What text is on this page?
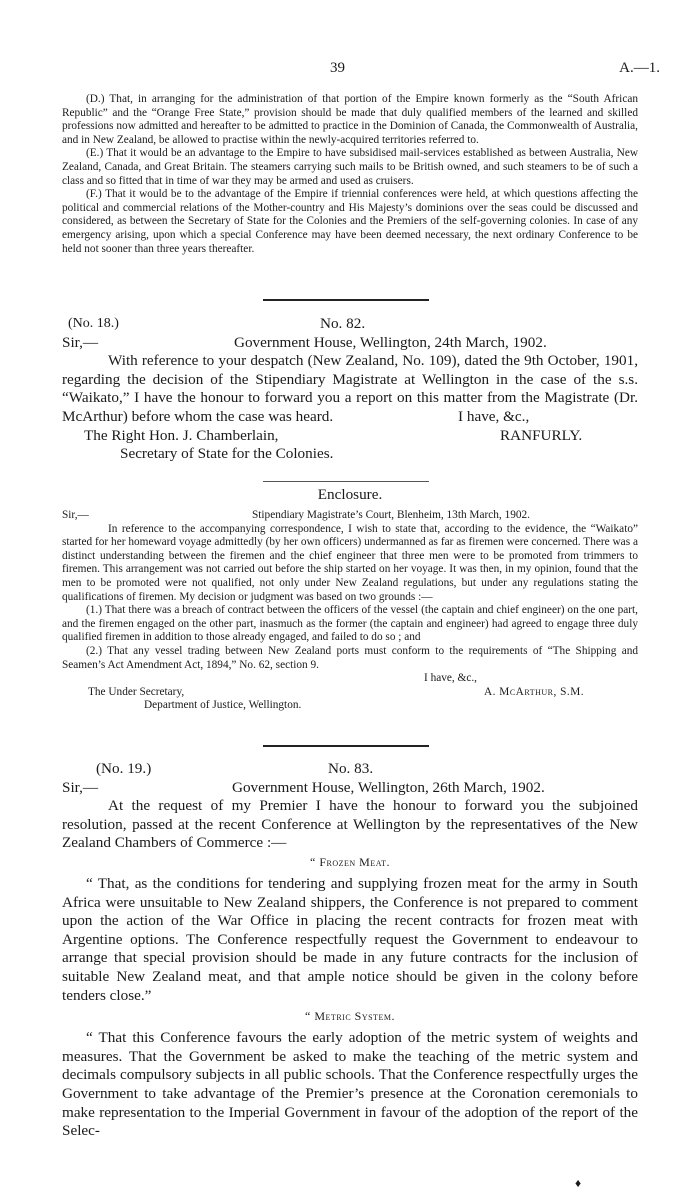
39	A.—1.

(D.) That, in arranging for the administration of that portion of the Empire known formerly as the “South African Republic” and the “Orange Free State,” provision should be made that duly qualified members of the learned and skilled professions now admitted and hereafter to be admitted to practice in the Dominion of Canada, the Commonwealth of Australia, and in New Zealand, be allowed to practise within the newly-acquired territories referred to.

(E.) That it would be an advantage to the Empire to have subsidised mail-services established as between Australia, New Zealand, Canada, and Great Britain. The steamers carrying such mails to be British owned, and such steamers to be of such a class and so fitted that in time of war they may be armed and used as cruisers.

(F.) That it would be to the advantage of the Empire if triennial conferences were held, at which questions affecting the political and commercial relations of the Mother-country and His Majesty’s dominions over the seas could be discussed and considered, as between the Secretary of State for the Colonies and the Premiers of the self-governing colonies. In case of any emergency arising, upon which a special Conference may have been deemed necessary, the next ordinary Conference to be held not sooner than three years thereafter.

(No. 18.)	No. 82.
Sir,—	Government House, Wellington, 24th March, 1902.

With reference to your despatch (New Zealand, No. 109), dated the 9th October, 1901, regarding the decision of the Stipendiary Magistrate at Wellington in the case of the s.s. “Waikato,” I have the honour to forward you a report on this matter from the Magistrate (Dr. McArthur) before whom the case was heard.	I have, &c.,
The Right Hon. J. Chamberlain,	RANFURLY.
Secretary of State for the Colonies.
Enclosure.
Sir,—	Stipendiary Magistrate’s Court, Blenheim, 13th March, 1902.

In reference to the accompanying correspondence, I wish to state that, according to the evidence, the “Waikato” started for her homeward voyage admittedly (by her own officers) undermanned as far as firemen were concerned. There was a distinct understanding between the firemen and the chief engineer that three men were to be promoted from trimmers to firemen. This arrangement was not carried out before the ship started on her voyage. It was then, in my opinion, found that the men to be promoted were not qualified, not only under New Zealand regulations, but under any regulations stating the qualifications of firemen. My decision or judgment was based on two grounds :—

(1.) That there was a breach of contract between the officers of the vessel (the captain and chief engineer) on the one part, and the firemen engaged on the other part, inasmuch as the former (the captain and engineer) had agreed to engage three duly qualified firemen in addition to those already engaged, and failed to do so ; and

(2.) That any vessel trading between New Zealand ports must conform to the requirements of “The Shipping and Seamen’s Act Amendment Act, 1894,” No. 62, section 9.

I have, &c.,
The Under Secretary,	A. McArthur, S.M.
Department of Justice, Wellington.
(No. 19.)	No. 83.
Sir,—	Government House, Wellington, 26th March, 1902.

At the request of my Premier I have the honour to forward you the subjoined resolution, passed at the recent Conference at Wellington by the representatives of the New Zealand Chambers of Commerce :—

“ Frozen Meat.

“ That, as the conditions for tendering and supplying frozen meat for the army in South Africa were unsuitable to New Zealand shippers, the Conference is not prepared to comment upon the action of the War Office in placing the recent contracts for frozen meat with Argentine options. The Conference respectfully request the Government to endeavour to arrange that special provision should be made in any future contracts for the inclusion of suitable New Zealand meat, and that ample notice should be given in the colony before tenders close.”

“ Metric System.

“ That this Conference favours the early adoption of the metric system of weights and measures. That the Government be asked to make the teaching of the metric system and decimals compulsory subjects in all public schools. That the Conference respectfully urges the Government to take advantage of the Premier’s presence at the Coronation ceremonials to make representation to the Imperial Government in favour of the adoption of the report of the Selec-

♦
